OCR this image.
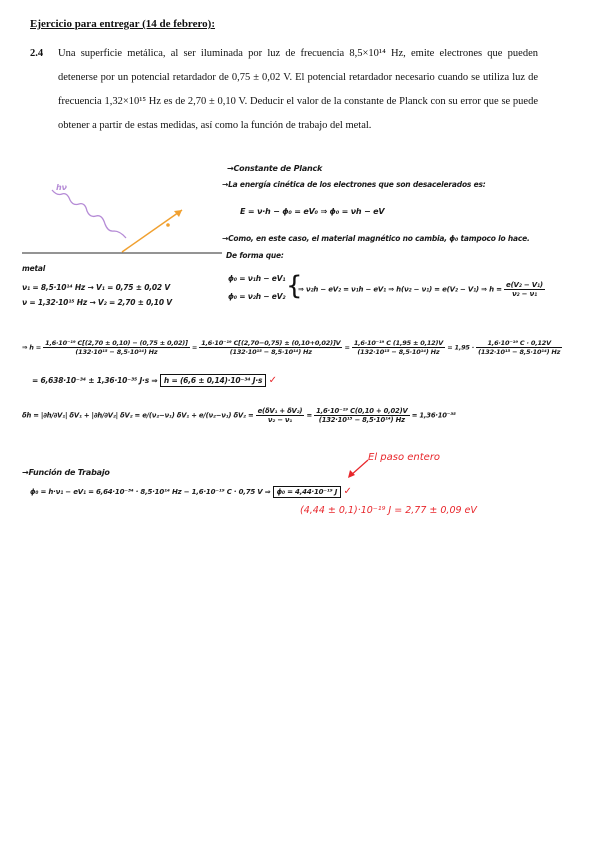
Ejercicio para entregar (14 de febrero):
2.4 Una superficie metálica, al ser iluminada por luz de frecuencia 8,5×10¹⁴ Hz, emite electrones que pueden detenerse por un potencial retardador de 0,75 ± 0,02 V. El potencial retardador necesario cuando se utiliza luz de frecuencia 1,32×10¹⁵ Hz es de 2,70 ± 0,10 V. Deducir el valor de la constante de Planck con su error que se puede obtener a partir de estas medidas, así como la función de trabajo del metal.
hν
metal
ν₁ = 8,5·10¹⁴ Hz → V₁ = 0,75 ± 0,02 V
ν = 1,32·10¹⁵ Hz → V₂ = 2,70 ± 0,10 V
→Constante de Planck
→La energía cinética de los electrones que son desacelerados es:
E = ν·h − ϕ₀ = eV₀ ⇒ ϕ₀ = νh − eV
→Como, en este caso, el material magnético no cambia, ϕ₀ tampoco lo hace.
De forma que:
ϕ₀ = ν₁h − eV₁
ϕ₀ = ν₂h − eV₂ {
⇒ ν₂h − eV₂ = ν₁h − eV₁ ⇒ h(ν₂ − ν₁) = e(V₂ − V₁) ⇒ $h = \frac{\text{e(V₂ − V₁)}}{\text{ν₂ − ν₁}}$
⇒ $h = \frac{\text{1,6·10⁻¹⁹ C[(2,70 ± 0,10) − (0,75 ± 0,02)]}}{\text{(132·10¹⁵ − 8,5·10¹⁴) Hz}} = \frac{\text{1,6·10⁻¹⁹ C[(2,70−0,75) ± (0,10+0,02)]V}}{\text{(132·10¹⁵ − 8,5·10¹⁴) Hz}} = \frac{\text{1,6·10⁻¹⁹ C (1,95 ± 0,12)V}}{\text{(132·10¹⁵ − 8,5·10¹⁴) Hz}} = 1,95 \cdot \frac{\text{1,6·10⁻¹⁹ C · 0,12V}}{\text{(132·10¹⁵ − 8,5·10¹⁴) Hz}}$
= 6,638·10⁻³⁴ ± 1,36·10⁻³⁵ J·s ⇒ h = (6,6 ± 0,14)·10⁻³⁴ J·s ✓
δh = |∂h/∂V₁| δV₁ + |∂h/∂V₂| δV₂ = e/(ν₂−ν₁) δV₁ + e/(ν₂−ν₁) $\delta V_2 = \frac{\text{e(δV₁ + δV₂)}}{\text{ν₂ − ν₁}} = \frac{\text{1,6·10⁻¹⁹ C(0,10 + 0,02)V}}{\text{(132·10¹⁵ − 8,5·10¹⁴) Hz}} = 1,36\cdot 10^{-35}$
El paso entero
→Función de Trabajo
ϕ₀ = h·ν₁ − eV₁ = 6,64·10⁻³⁴ · 8,5·10¹⁴ Hz − 1,6·10⁻¹⁹ C · 0,75 V ⇒ ϕ₀ = 4,44·10⁻¹⁹ J ✓
(4,44 ± 0,1)·10⁻¹⁹ J = 2,77 ± 0,09 eV
